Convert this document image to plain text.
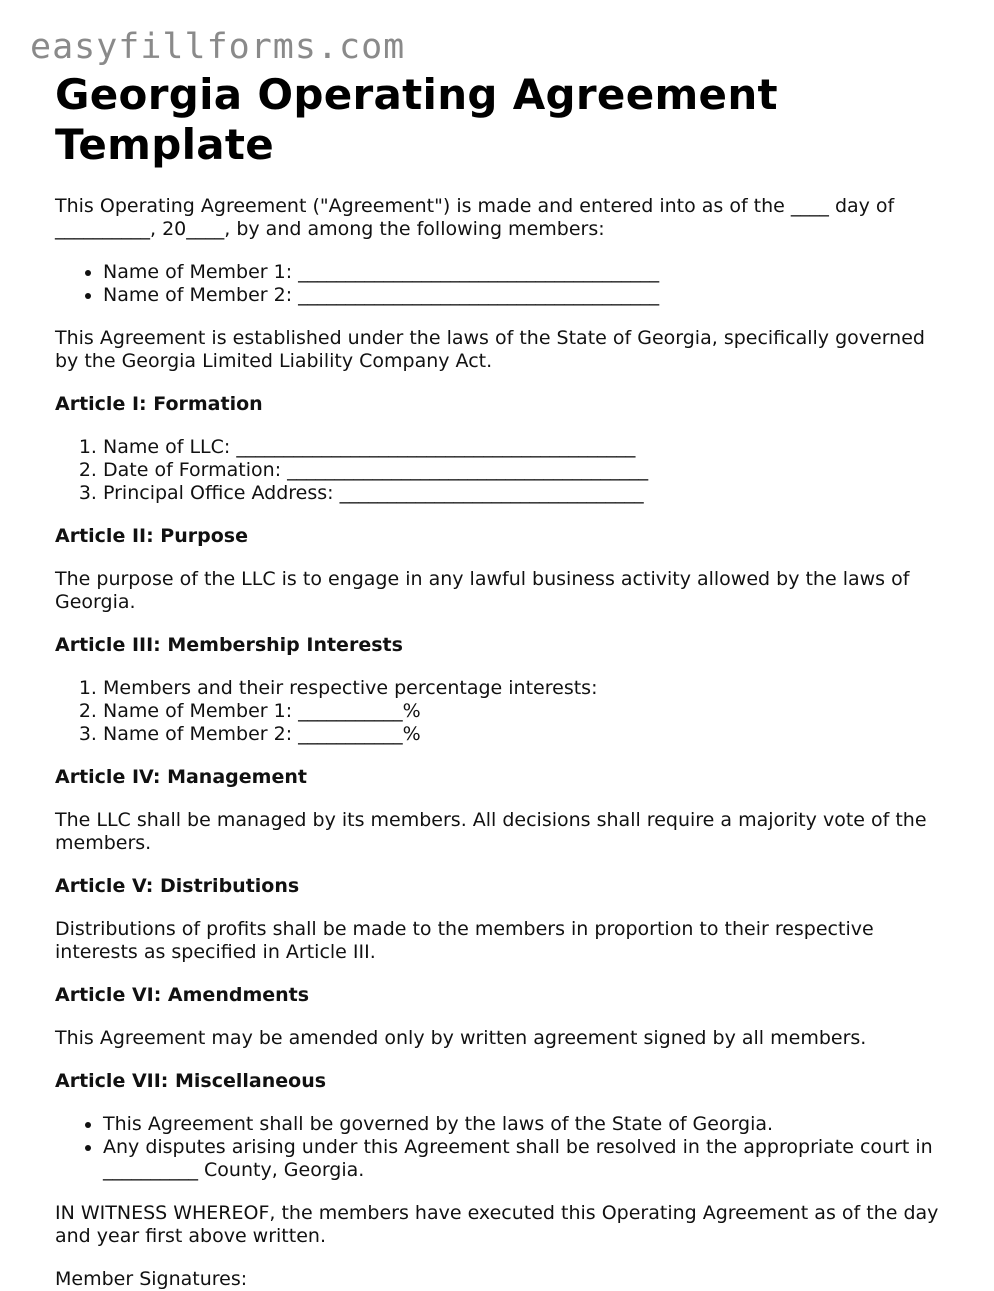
easyfillforms.com
Georgia Operating Agreement Template

This Operating Agreement ("Agreement") is made and entered into as of the ____ day of __________, 20____, by and among the following members:

• Name of Member 1: ______________________________________
• Name of Member 2: ______________________________________

This Agreement is established under the laws of the State of Georgia, specifically governed by the Georgia Limited Liability Company Act.

Article I: Formation
1. Name of LLC: __________________________________________
2. Date of Formation: ______________________________________
3. Principal Office Address: ________________________________
Article II: Purpose

The purpose of the LLC is to engage in any lawful business activity allowed by the laws of Georgia.

Article III: Membership Interests
1. Members and their respective percentage interests:
2. Name of Member 1: ___________%
3. Name of Member 2: ___________%
Article IV: Management

The LLC shall be managed by its members. All decisions shall require a majority vote of the members.

Article V: Distributions

Distributions of profits shall be made to the members in proportion to their respective interests as specified in Article III.

Article VI: Amendments

This Agreement may be amended only by written agreement signed by all members.

Article VII: Miscellaneous
• This Agreement shall be governed by the laws of the State of Georgia.
• Any disputes arising under this Agreement shall be resolved in the appropriate court in __________ County, Georgia.

IN WITNESS WHEREOF, the members have executed this Operating Agreement as of the day and year first above written.

Member Signatures:
